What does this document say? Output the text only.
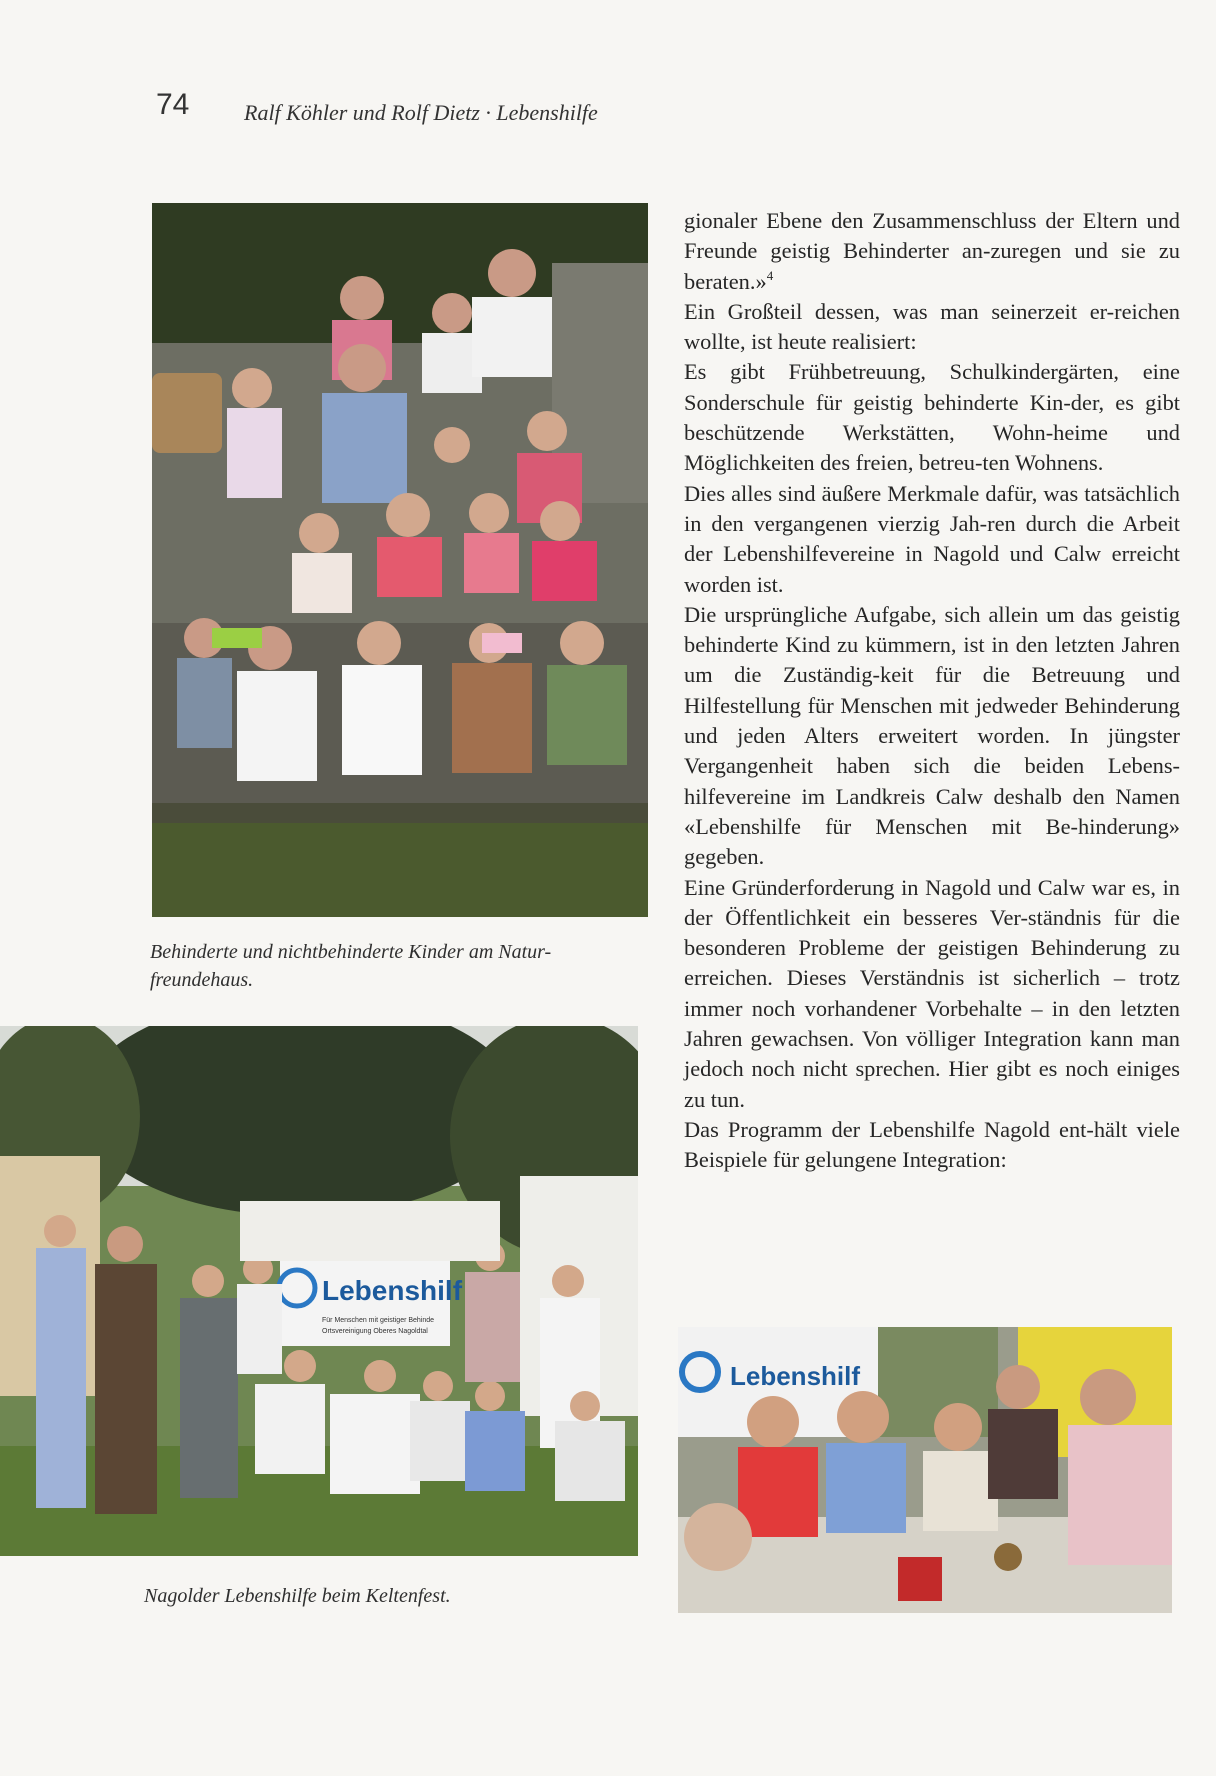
74 Ralf Köhler und Rolf Dietz · Lebenshilfe
Behinderte und nichtbehinderte Kinder am Natur-freundehaus.
Lebenshilf
Für Menschen mit geistiger Behinde
Ortsvereinigung Oberes Nagoldtal
Nagolder Lebenshilfe beim Keltenfest.
Lebenshilf

gionaler Ebene den Zusammenschluss der Eltern und Freunde geistig Behinderter an-zuregen und sie zu beraten.»$^4$

Ein Großteil dessen, was man seinerzeit er-reichen wollte, ist heute realisiert:

Es gibt Frühbetreuung, Schulkindergärten, eine Sonderschule für geistig behinderte Kin-der, es gibt beschützende Werkstätten, Wohn-heime und Möglichkeiten des freien, betreu-ten Wohnens.

Dies alles sind äußere Merkmale dafür, was tatsächlich in den vergangenen vierzig Jah-ren durch die Arbeit der Lebenshilfevereine in Nagold und Calw erreicht worden ist.

Die ursprüngliche Aufgabe, sich allein um das geistig behinderte Kind zu kümmern, ist in den letzten Jahren um die Zuständig-keit für die Betreuung und Hilfestellung für Menschen mit jedweder Behinderung und jeden Alters erweitert worden. In jüngster Vergangenheit haben sich die beiden Lebens-hilfevereine im Landkreis Calw deshalb den Namen «Lebenshilfe für Menschen mit Be-hinderung» gegeben.

Eine Gründerforderung in Nagold und Calw war es, in der Öffentlichkeit ein besseres Ver-ständnis für die besonderen Probleme der geistigen Behinderung zu erreichen. Dieses Verständnis ist sicherlich – trotz immer noch vorhandener Vorbehalte – in den letzten Jahren gewachsen. Von völliger Integration kann man jedoch noch nicht sprechen. Hier gibt es noch einiges zu tun.

Das Programm der Lebenshilfe Nagold ent-hält viele Beispiele für gelungene Integration:
